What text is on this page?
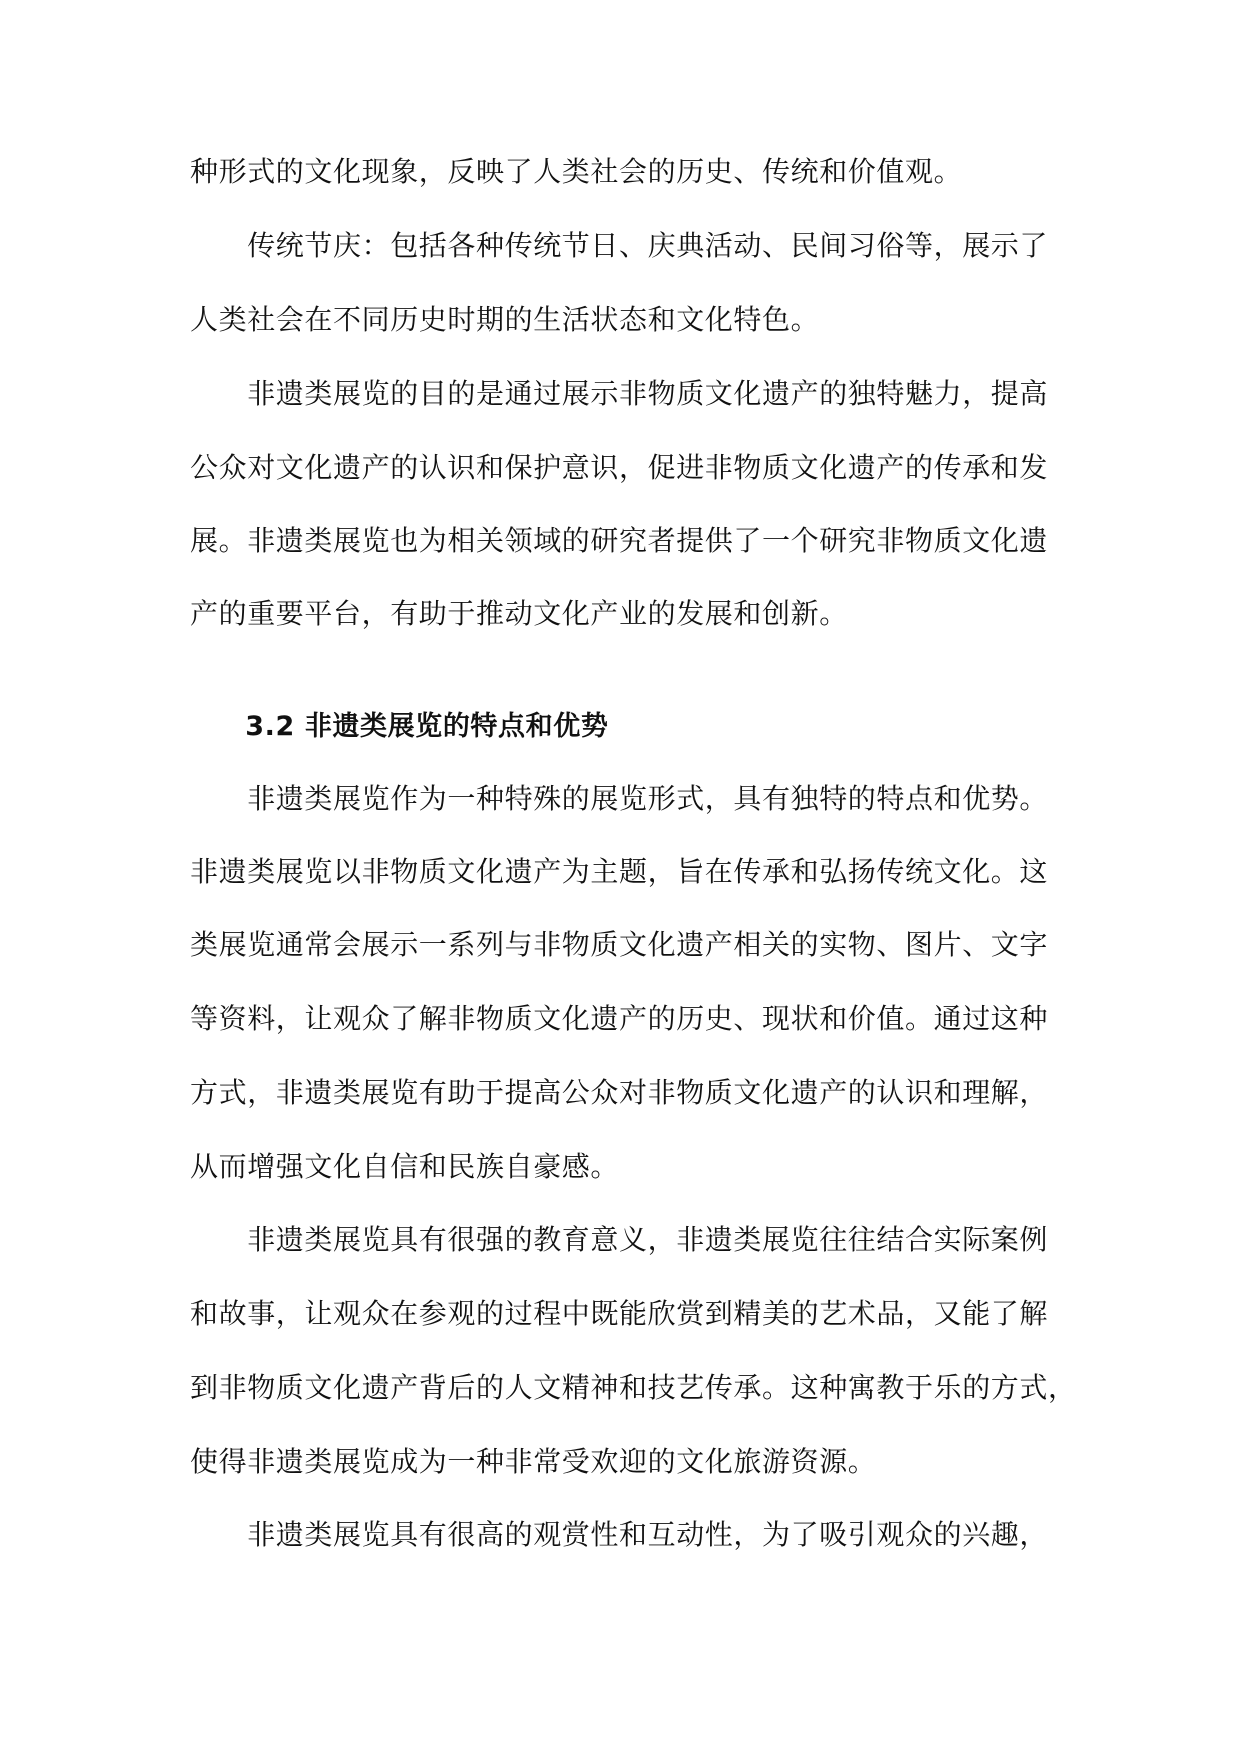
种形式的文化现象，反映了人类社会的历史、传统和价值观。
　　传统节庆：包括各种传统节日、庆典活动、民间习俗等，展示了
人类社会在不同历史时期的生活状态和文化特色。
　　非遗类展览的目的是通过展示非物质文化遗产的独特魅力，提高
公众对文化遗产的认识和保护意识，促进非物质文化遗产的传承和发
展。非遗类展览也为相关领域的研究者提供了一个研究非物质文化遗
产的重要平台，有助于推动文化产业的发展和创新。
　　3.2 非遗类展览的特点和优势
　　非遗类展览作为一种特殊的展览形式，具有独特的特点和优势。
非遗类展览以非物质文化遗产为主题，旨在传承和弘扬传统文化。这
类展览通常会展示一系列与非物质文化遗产相关的实物、图片、文字
等资料，让观众了解非物质文化遗产的历史、现状和价值。通过这种
方式，非遗类展览有助于提高公众对非物质文化遗产的认识和理解，
从而增强文化自信和民族自豪感。
　　非遗类展览具有很强的教育意义，非遗类展览往往结合实际案例
和故事，让观众在参观的过程中既能欣赏到精美的艺术品，又能了解
到非物质文化遗产背后的人文精神和技艺传承。这种寓教于乐的方式，
使得非遗类展览成为一种非常受欢迎的文化旅游资源。
　　非遗类展览具有很高的观赏性和互动性，为了吸引观众的兴趣，
